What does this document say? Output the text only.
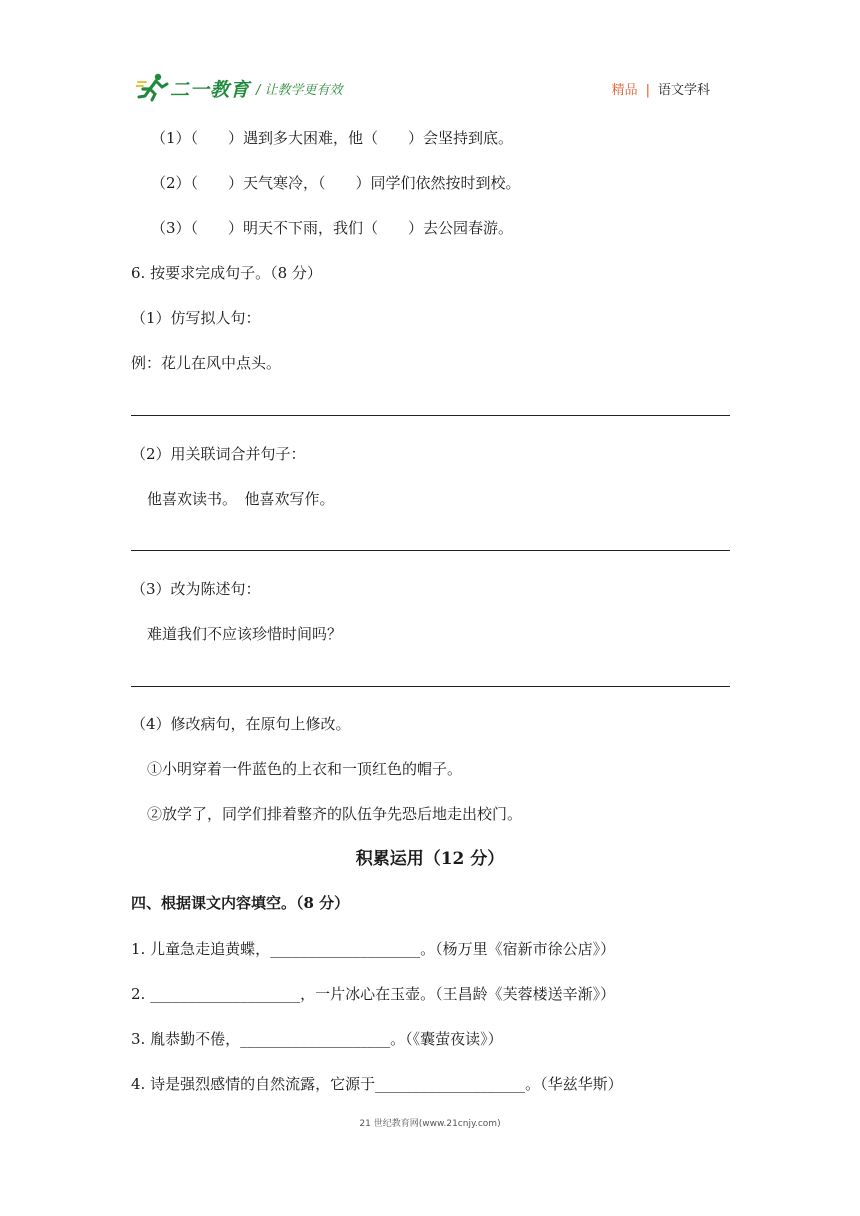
二一教育 / 让教学更有效	精品 | 语文学科
（1）（　　）遇到多大困难，他（　　）会坚持到底。
（2）（　　）天气寒冷，（　　）同学们依然按时到校。
（3）（　　）明天不下雨，我们（　　）去公园春游。
6. 按要求完成句子。（8 分）
（1）仿写拟人句：
例：花儿在风中点头。
（2）用关联词合并句子：
他喜欢读书。　他喜欢写作。
（3）改为陈述句：
难道我们不应该珍惜时间吗？
（4）修改病句，在原句上修改。
①小明穿着一件蓝色的上衣和一顶红色的帽子。
②放学了，同学们排着整齐的队伍争先恐后地走出校门。
积累运用（12 分）
四、根据课文内容填空。（8 分）
1. 儿童急走追黄蝶，____________________。（杨万里《宿新市徐公店》）
2. ____________________，一片冰心在玉壶。（王昌龄《芙蓉楼送辛渐》）
3. 胤恭勤不倦，____________________。（《囊萤夜读》）
4. 诗是强烈感情的自然流露，它源于____________________。（华兹华斯）
21 世纪教育网(www.21cnjy.com)
